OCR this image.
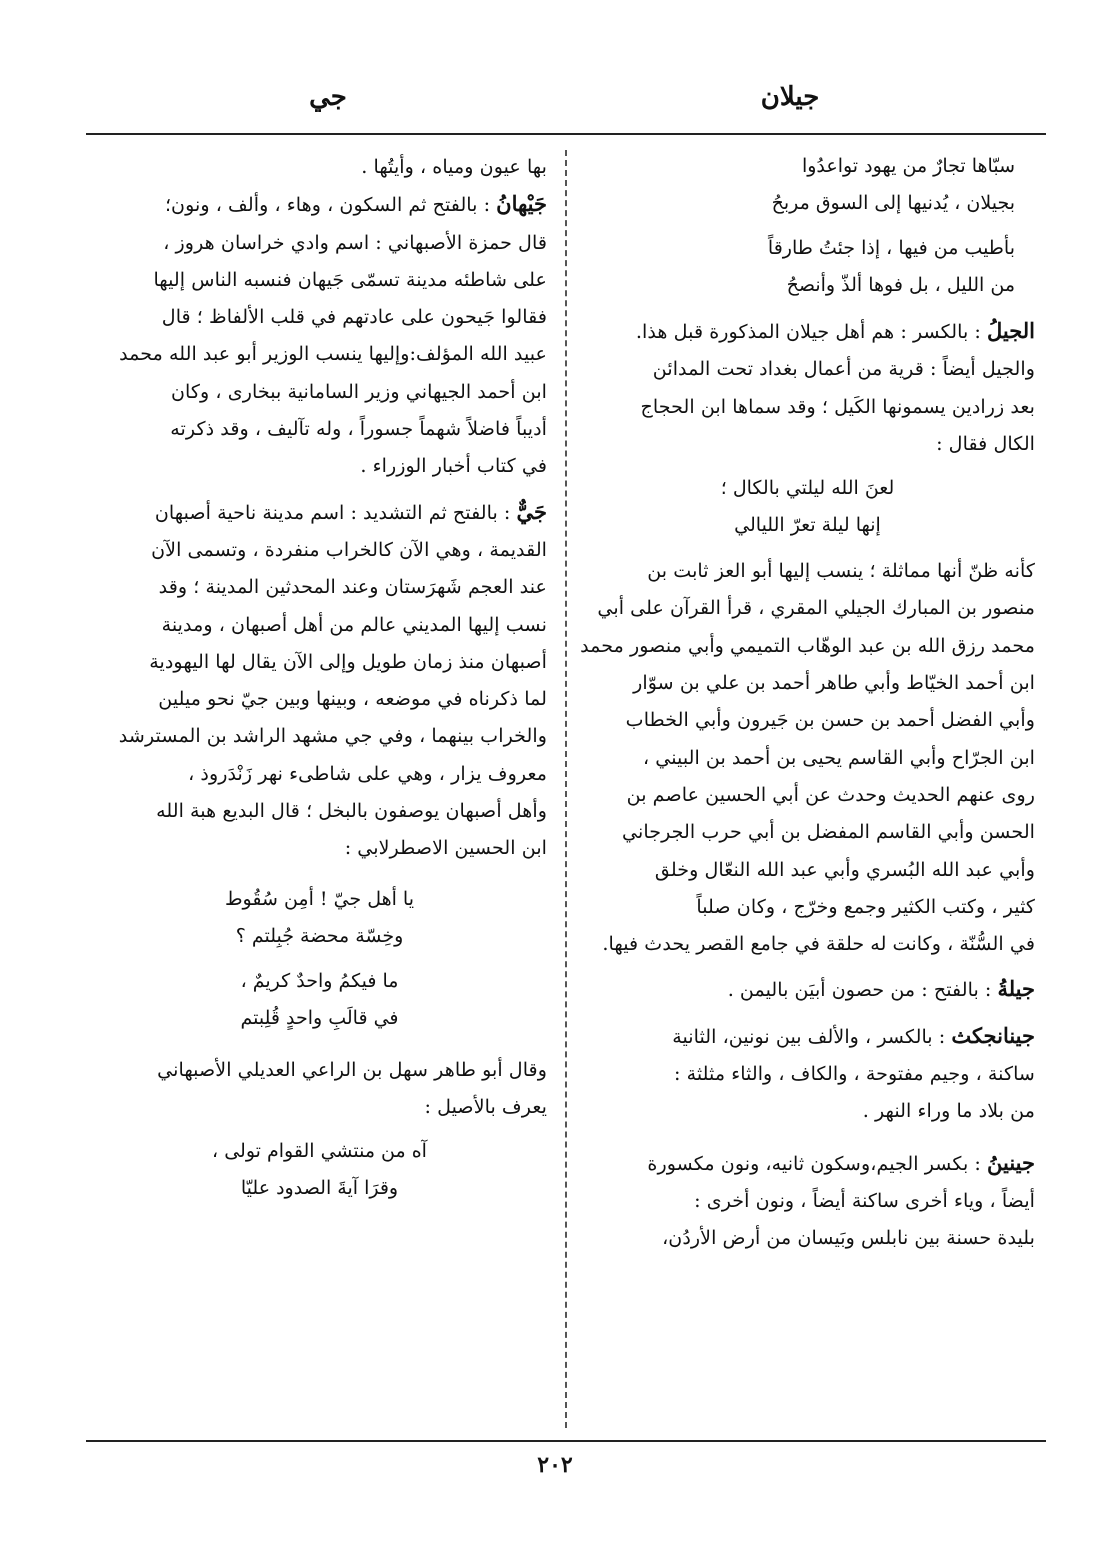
جيلان
جي

سبّاها تجارٌ من يهود تواعدُوا

بجيلان ، يُدنيها إلى السوق مربحُ

بأطيب من فيها ، إذا جئتُ طارقاً

من الليل ، بل فوها ألذّ وأنصحُ

الجيلُ : بالكسر : هم أهل جيلان المذكورة قبل هذا.

والجيل أيضاً : قرية من أعمال بغداد تحت المدائن

بعد زرادين يسمونها الكَيل ؛ وقد سماها ابن الحجاج

الكال فقال :

لعنَ الله ليلتي بالكال ؛

إنها ليلة تعرّ الليالي

كأنه ظنّ أنها مماثلة ؛ ينسب إليها أبو العز ثابت بن

منصور بن المبارك الجيلي المقري ، قرأ القرآن على أبي

محمد رزق الله بن عبد الوهّاب التميمي وأبي منصور محمد

ابن أحمد الخيّاط وأبي طاهر أحمد بن علي بن سوّار

وأبي الفضل أحمد بن حسن بن جَيرون وأبي الخطاب

ابن الجرّاح وأبي القاسم يحيى بن أحمد بن البيني ،

روى عنهم الحديث وحدث عن أبي الحسين عاصم بن

الحسن وأبي القاسم المفضل بن أبي حرب الجرجاني

وأبي عبد الله البُسري وأبي عبد الله النعّال وخلق

كثير ، وكتب الكثير وجمع وخرّج ، وكان صلباً

في السُّنّة ، وكانت له حلقة في جامع القصر يحدث فيها.

جيلةُ : بالفتح : من حصون أبيَن باليمن .

جينانجكث : بالكسر ، والألف بين نونين، الثانية

ساكنة ، وجيم مفتوحة ، والكاف ، والثاء مثلثة :

من بلاد ما وراء النهر .

جينينُ : بكسر الجيم،وسكون ثانيه، ونون مكسورة

أيضاً ، وياء أخرى ساكنة أيضاً ، ونون أخرى :

بليدة حسنة بين نابلس وبَيسان من أرض الأردُن،

بها عيون ومياه ، وأيتُها .

جَيْهانُ : بالفتح ثم السكون ، وهاء ، وألف ، ونون؛

قال حمزة الأصبهاني : اسم وادي خراسان هروز ،

على شاطئه مدينة تسمّى جَيهان فنسبه الناس إليها

فقالوا جَيحون على عادتهم في قلب الألفاظ ؛ قال

عبيد الله المؤلف:وإليها ينسب الوزير أبو عبد الله محمد

ابن أحمد الجيهاني وزير السامانية ببخارى ، وكان

أديباً فاضلاً شهماً جسوراً ، وله تآليف ، وقد ذكرته

في كتاب أخبار الوزراء .

جَيٌّ : بالفتح ثم التشديد : اسم مدينة ناحية أصبهان

القديمة ، وهي الآن كالخراب منفردة ، وتسمى الآن

عند العجم شَهرَستان وعند المحدثين المدينة ؛ وقد

نسب إليها المديني عالم من أهل أصبهان ، ومدينة

أصبهان منذ زمان طويل وإلى الآن يقال لها اليهودية

لما ذكرناه في موضعه ، وبينها وبين جيّ نحو ميلين

والخراب بينهما ، وفي جي مشهد الراشد بن المسترشد

معروف يزار ، وهي على شاطىء نهر زَنْدَروذ ،

وأهل أصبهان يوصفون بالبخل ؛ قال البديع هبة الله

ابن الحسين الاصطرلابي :

يا أهل جيّ ! أمِن سُقُوط

وخِسّة محضة جُبِلتم ؟

ما فيكمُ واحدٌ كريمٌ ،

في قالَبِ واحدٍ قُلِبتم

وقال أبو طاهر سهل بن الراعي العديلي الأصبهاني

يعرف بالأصيل :

آه من منتشي القوام تولى ،

وقرَا آيةَ الصدود عليّا

٢٠٢
